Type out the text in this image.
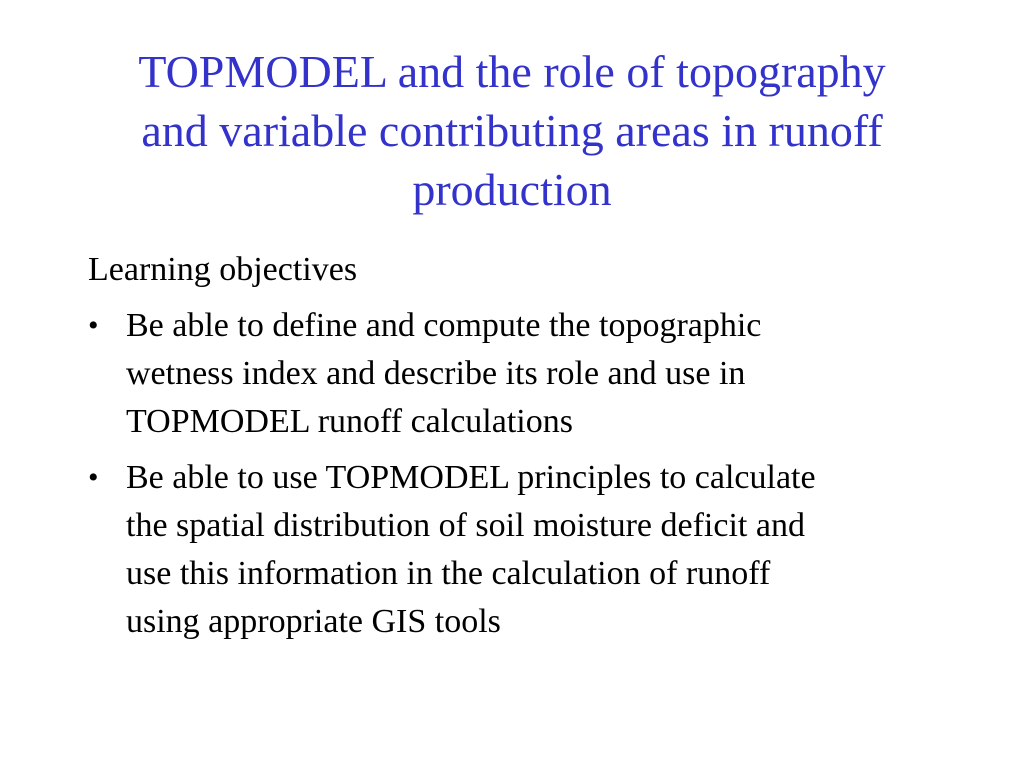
TOPMODEL and the role of topography
and variable contributing areas in runoff
production
Learning objectives
• Be able to define and compute the topographic
wetness index and describe its role and use in
TOPMODEL runoff calculations
• Be able to use TOPMODEL principles to calculate
the spatial distribution of soil moisture deficit and
use this information in the calculation of runoff
using appropriate GIS tools
